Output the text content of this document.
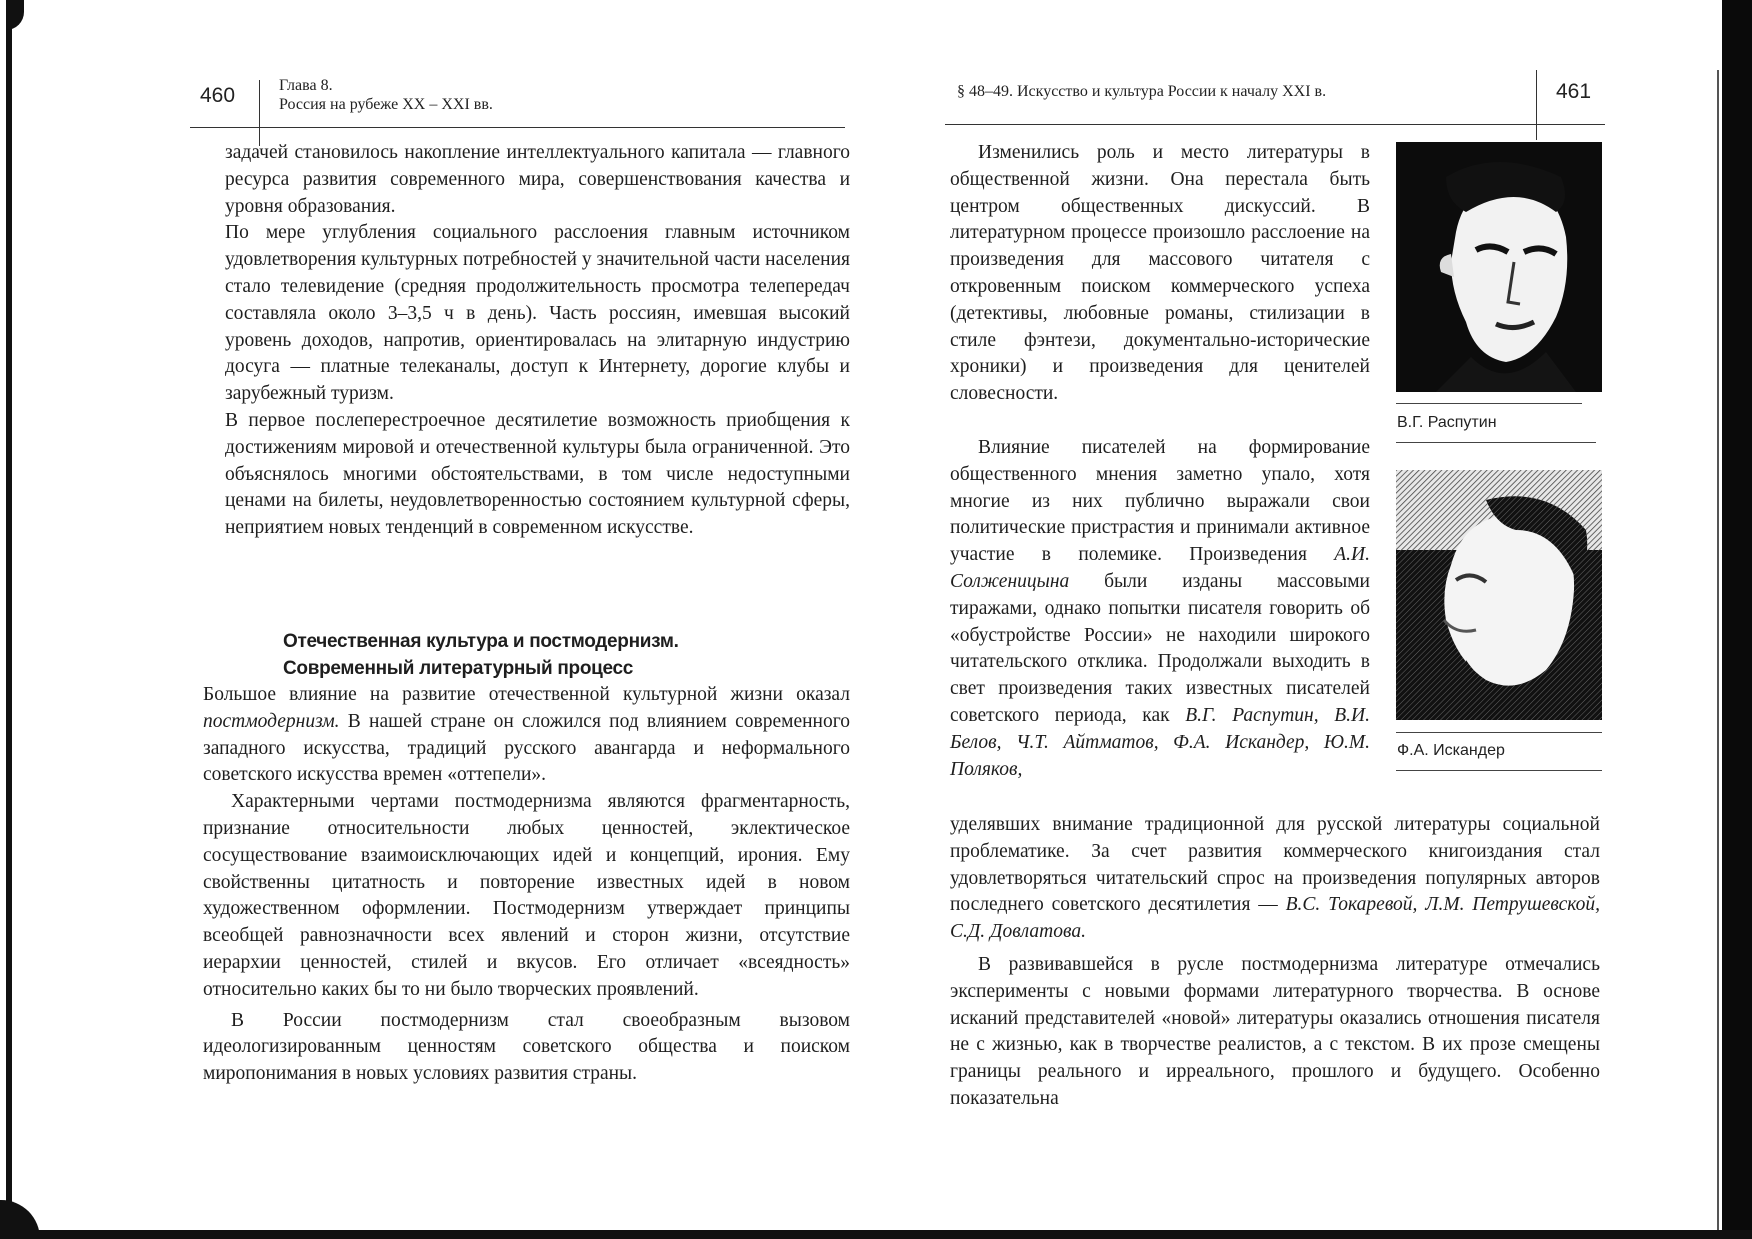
460	Глава 8.
Россия на рубеже XX – XXI вв.

задачей становилось накопление интеллектуального капитала — главного ресурса развития современного мира, совершенствования качества и уровня образования.

По мере углубления социального расслоения главным источником удовлетворения культурных потребностей у значительной части населения стало телевидение (средняя продолжительность просмотра телепередач составляла около 3–3,5 ч в день). Часть россиян, имевшая высокий уровень доходов, напротив, ориентировалась на элитарную индустрию досуга — платные телеканалы, доступ к Интернету, дорогие клубы и зарубежный туризм.

В первое послеперестроечное десятилетие возможность приобщения к достижениям мировой и отечественной культуры была ограниченной. Это объяснялось многими обстоятельствами, в том числе недоступными ценами на билеты, неудовлетворенностью состоянием культурной сферы, неприятием новых тенденций в современном искусстве.

Отечественная культура и постмодернизм.
Современный литературный процесс

Большое влияние на развитие отечественной культурной жизни оказал постмодернизм. В нашей стране он сложился под влиянием современного западного искусства, традиций русского авангарда и неформального советского искусства времен «оттепели».

Характерными чертами постмодернизма являются фрагментарность, признание относительности любых ценностей, эклектическое сосуществование взаимоисключающих идей и концепций, ирония. Ему свойственны цитатность и повторение известных идей в новом художественном оформлении. Постмодернизм утверждает принципы всеобщей равнозначности всех явлений и сторон жизни, отсутствие иерархии ценностей, стилей и вкусов. Его отличает «всеядность» относительно каких бы то ни было творческих проявлений.

В России постмодернизм стал своеобразным вызовом идеологизированным ценностям советского общества и поиском миропонимания в новых условиях развития страны.

§ 48–49. Искусство и культура России к началу XXI в.	461

Изменились роль и место литературы в общественной жизни. Она перестала быть центром общественных дискуссий. В литературном процессе произошло расслоение на произведения для массового читателя с откровенным поиском коммерческого успеха (детективы, любовные романы, стилизации в стиле фэнтези, документально-исторические хроники) и произведения для ценителей словесности.

Влияние писателей на формирование общественного мнения заметно упало, хотя многие из них публично выражали свои политические пристрастия и принимали активное участие в полемике. Произведения А.И. Солженицына были изданы массовыми тиражами, однако попытки писателя говорить об «обустройстве России» не находили широкого читательского отклика. Продолжали выходить в свет произведения таких известных писателей советского периода, как В.Г. Распутин, В.И. Белов, Ч.Т. Айтматов, Ф.А. Искандер, Ю.М. Поляков,

уделявших внимание традиционной для русской литературы социальной проблематике. За счет развития коммерческого книгоиздания стал удовлетворяться читательский спрос на произведения популярных авторов последнего советского десятилетия — В.С. Токаревой, Л.М. Петрушевской, С.Д. Довлатова.

В развивавшейся в русле постмодернизма литературе отмечались эксперименты с новыми формами литературного творчества. В основе исканий представителей «новой» литературы оказались отношения писателя не с жизнью, как в творчестве реалистов, а с текстом. В их прозе смещены границы реального и ирреального, прошлого и будущего. Особенно показательна

В.Г. Распутин
Ф.А. Искандер
